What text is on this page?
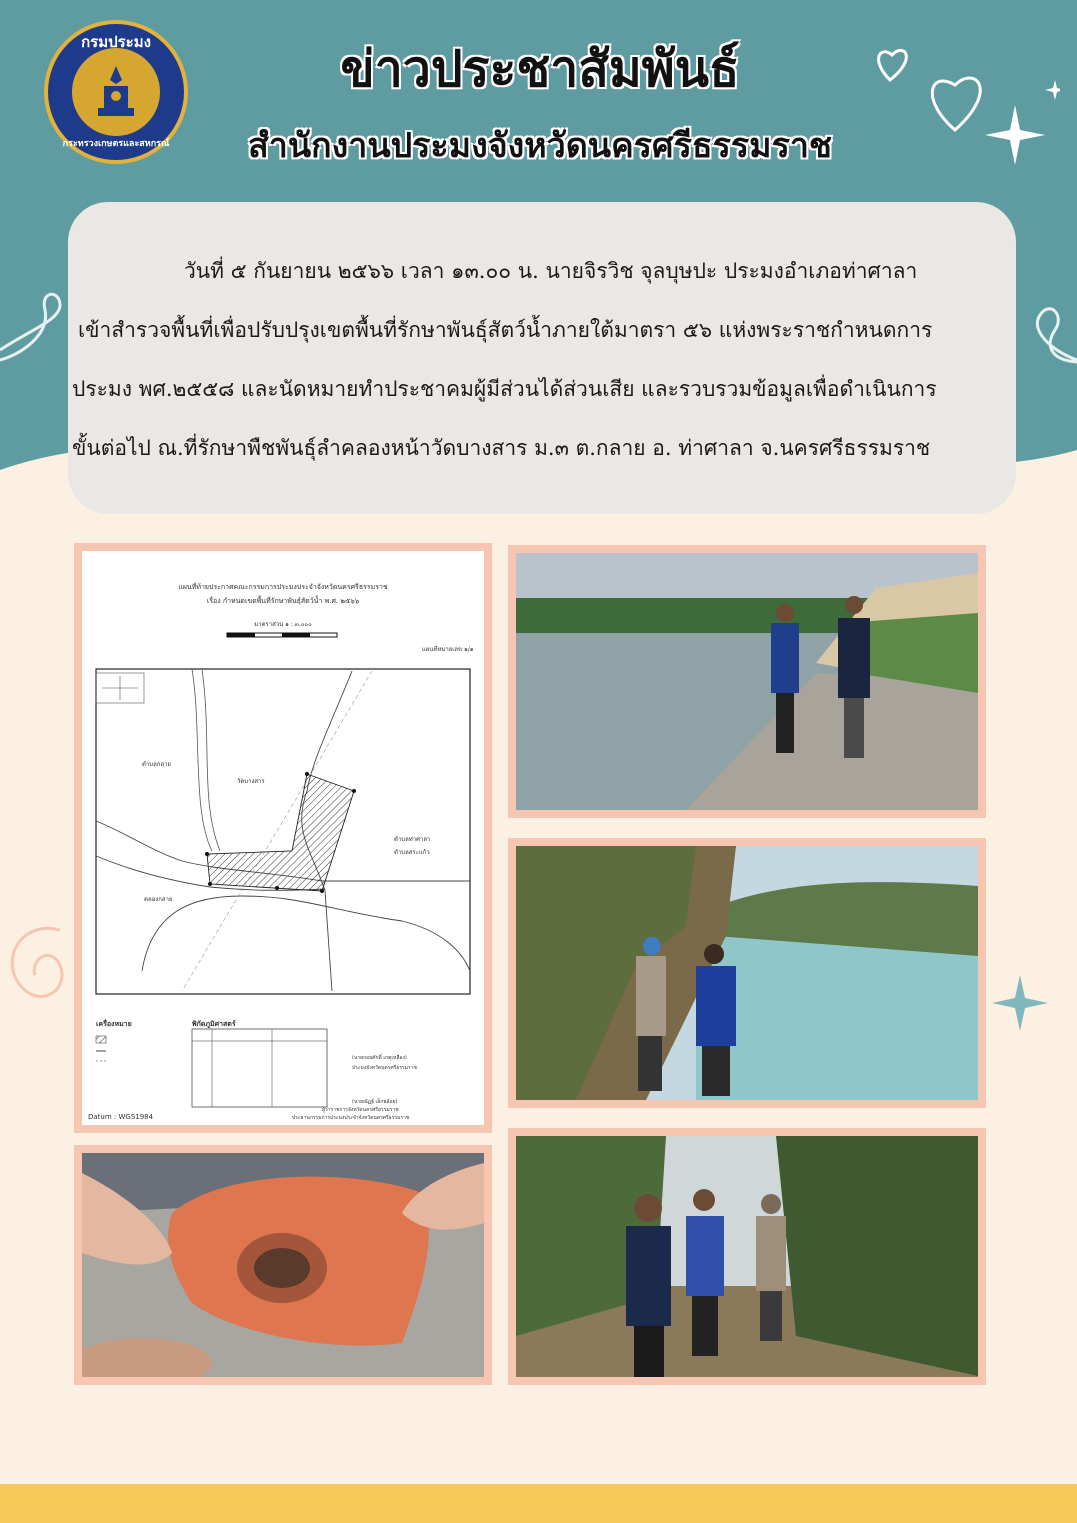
กรมประมง
กระทรวงเกษตรและสหกรณ์
ข่าวประชาสัมพันธ์
สำนักงานประมงจังหวัดนครศรีธรรมราช

วันที่ ๕ กันยายน ๒๕๖๖ เวลา ๑๓.๐๐ น. นายจิรวิช จุลบุษปะ ประมงอำเภอท่าศาลา

เข้าสำรวจพื้นที่เพื่อปรับปรุงเขตพื้นที่รักษาพันธุ์สัตว์น้ำภายใต้มาตรา ๕๖ แห่งพระราชกำหนดการ

ประมง พศ.๒๕๕๘ และนัดหมายทำประชาคมผู้มีส่วนได้ส่วนเสีย และรวบรวมข้อมูลเพื่อดำเนินการ

ขั้นต่อไป ณ.ที่รักษาพืชพันธุ์ลำคลองหน้าวัดบางสาร ม.๓ ต.กลาย อ. ท่าศาลา จ.นครศรีธรรมราช

แผนที่ท้ายประกาศคณะกรรมการประมงประจำจังหวัดนครศรีธรรมราช
เรื่อง กำหนดเขตพื้นที่รักษาพันธุ์สัตว์น้ำ พ.ศ. ๒๕๖๖
มาตราส่วน ๑ : ๓,๐๐๐
แผนที่หมายเลข ๑/๑
วัดบางสาร
ตำบลกลาย
ตำบลท่าศาลา
ตำบลสระแก้ว
คลองกลาย
เครื่องหมาย	พิกัดภูมิศาสตร์
(นายกอบศักดิ์ เกตุเหลือง)
ประมงจังหวัดนครศรีธรรมราช
(นายณัฏฐ์ เล็กพล้อย)
ผู้ว่าราชการจังหวัดนครศรีธรรมราช
ประธานกรรมการประมงประจำจังหวัดนครศรีธรรมราช
Datum : WGS1984
